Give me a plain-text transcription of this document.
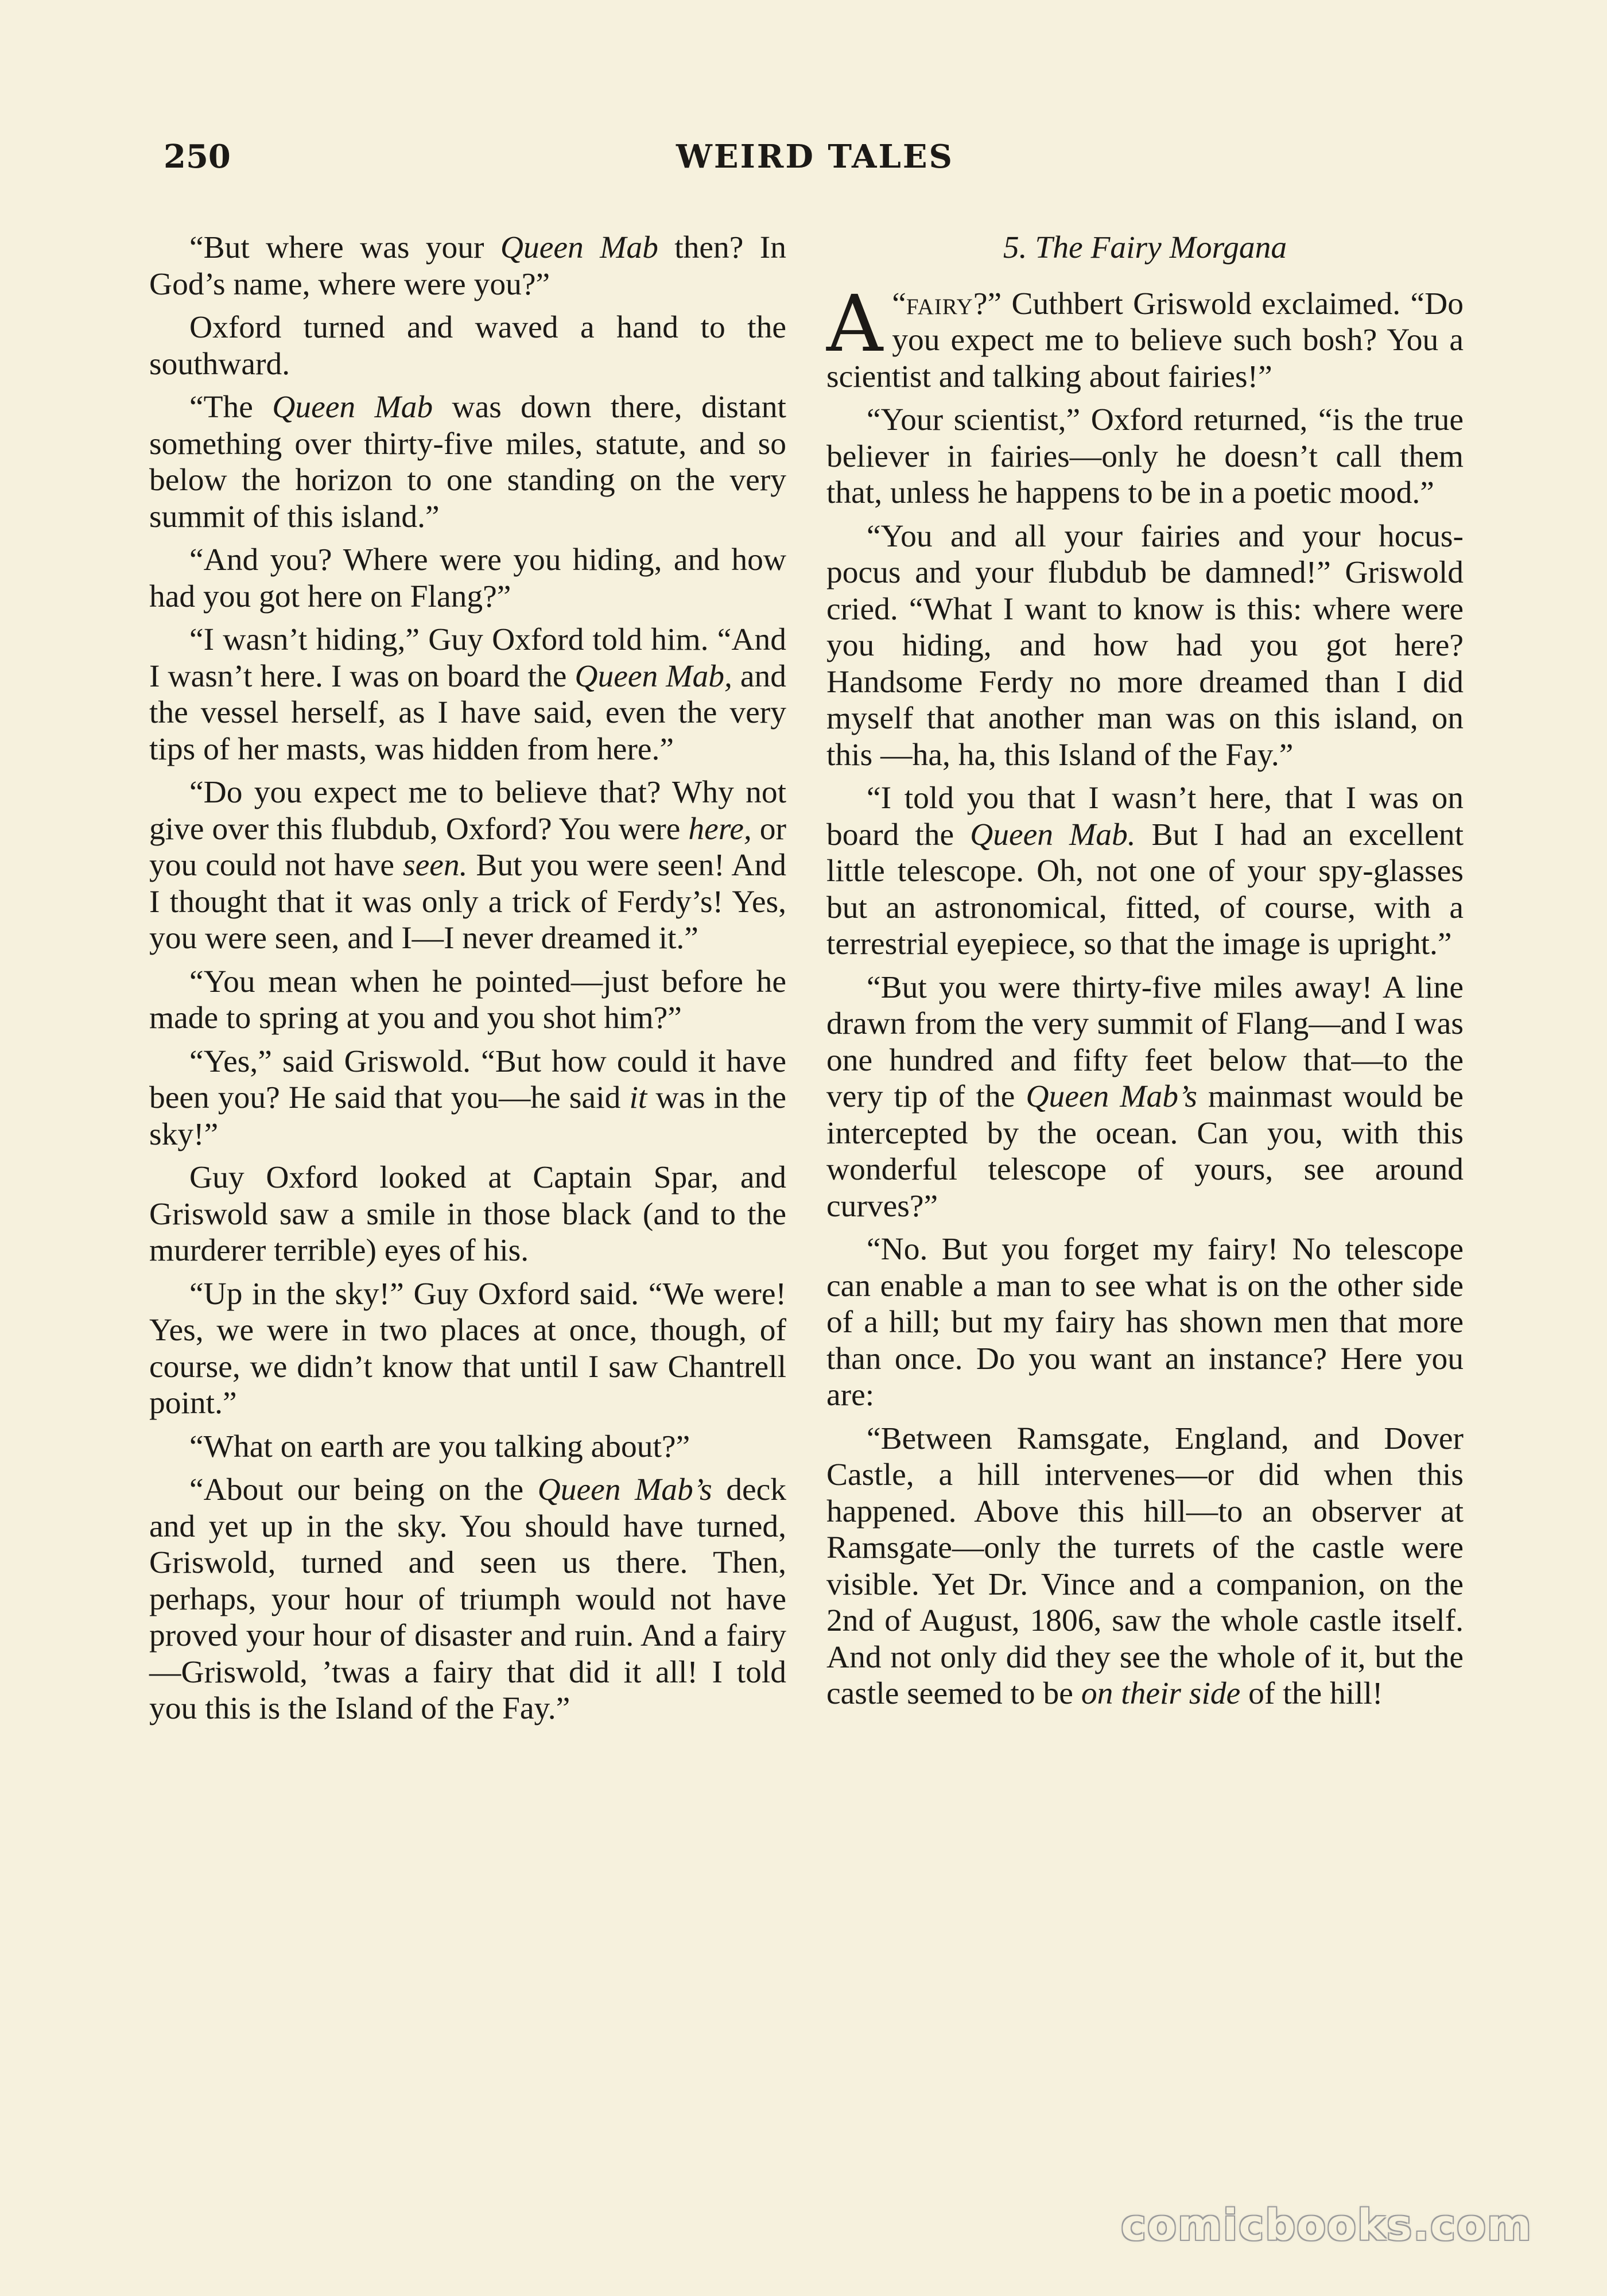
250	WEIRD TALES

“But where was your Queen Mab then? In God’s name, where were you?”

Oxford turned and waved a hand to the southward.

“The Queen Mab was down there, distant something over thirty-five miles, statute, and so below the horizon to one standing on the very summit of this island.”

“And you? Where were you hiding, and how had you got here on Flang?”

“I wasn’t hiding,” Guy Oxford told him. “And I wasn’t here. I was on board the Queen Mab, and the vessel herself, as I have said, even the very tips of her masts, was hidden from here.”

“Do you expect me to believe that? Why not give over this flubdub, Oxford? You were here, or you could not have seen. But you were seen! And I thought that it was only a trick of Ferdy’s! Yes, you were seen, and I—I never dreamed it.”

“You mean when he pointed—just before he made to spring at you and you shot him?”

“Yes,” said Griswold. “But how could it have been you? He said that you—he said it was in the sky!”

Guy Oxford looked at Captain Spar, and Griswold saw a smile in those black (and to the murderer terrible) eyes of his.

“Up in the sky!” Guy Oxford said. “We were! Yes, we were in two places at once, though, of course, we didn’t know that until I saw Chantrell point.”

“What on earth are you talking about?”

“About our being on the Queen Mab’s deck and yet up in the sky. You should have turned, Griswold, turned and seen us there. Then, perhaps, your hour of triumph would not have proved your hour of disaster and ruin. And a fairy—Griswold, ’twas a fairy that did it all! I told you this is the Island of the Fay.”

5. The Fairy Morgana

“
A fairy?” Cuthbert Griswold exclaimed. “Do you expect me to believe such bosh? You a scientist and talking about fairies!”

“Your scientist,” Oxford returned, “is the true believer in fairies—only he doesn’t call them that, unless he happens to be in a poetic mood.”

“You and all your fairies and your hocus-pocus and your flubdub be damned!” Griswold cried. “What I want to know is this: where were you hiding, and how had you got here? Handsome Ferdy no more dreamed than I did myself that another man was on this island, on this —ha, ha, this Island of the Fay.”

“I told you that I wasn’t here, that I was on board the Queen Mab. But I had an excellent little telescope. Oh, not one of your spy-glasses but an astronomical, fitted, of course, with a terrestrial eyepiece, so that the image is upright.”

“But you were thirty-five miles away! A line drawn from the very summit of Flang—and I was one hundred and fifty feet below that—to the very tip of the Queen Mab’s mainmast would be intercepted by the ocean. Can you, with this wonderful telescope of yours, see around curves?”

“No. But you forget my fairy! No telescope can enable a man to see what is on the other side of a hill; but my fairy has shown men that more than once. Do you want an instance? Here you are:

“Between Ramsgate, England, and Dover Castle, a hill intervenes—or did when this happened. Above this hill—to an observer at Ramsgate—only the turrets of the castle were visible. Yet Dr. Vince and a companion, on the 2nd of August, 1806, saw the whole castle itself. And not only did they see the whole of it, but the castle seemed to be on their side of the hill!

comicbooks.com
